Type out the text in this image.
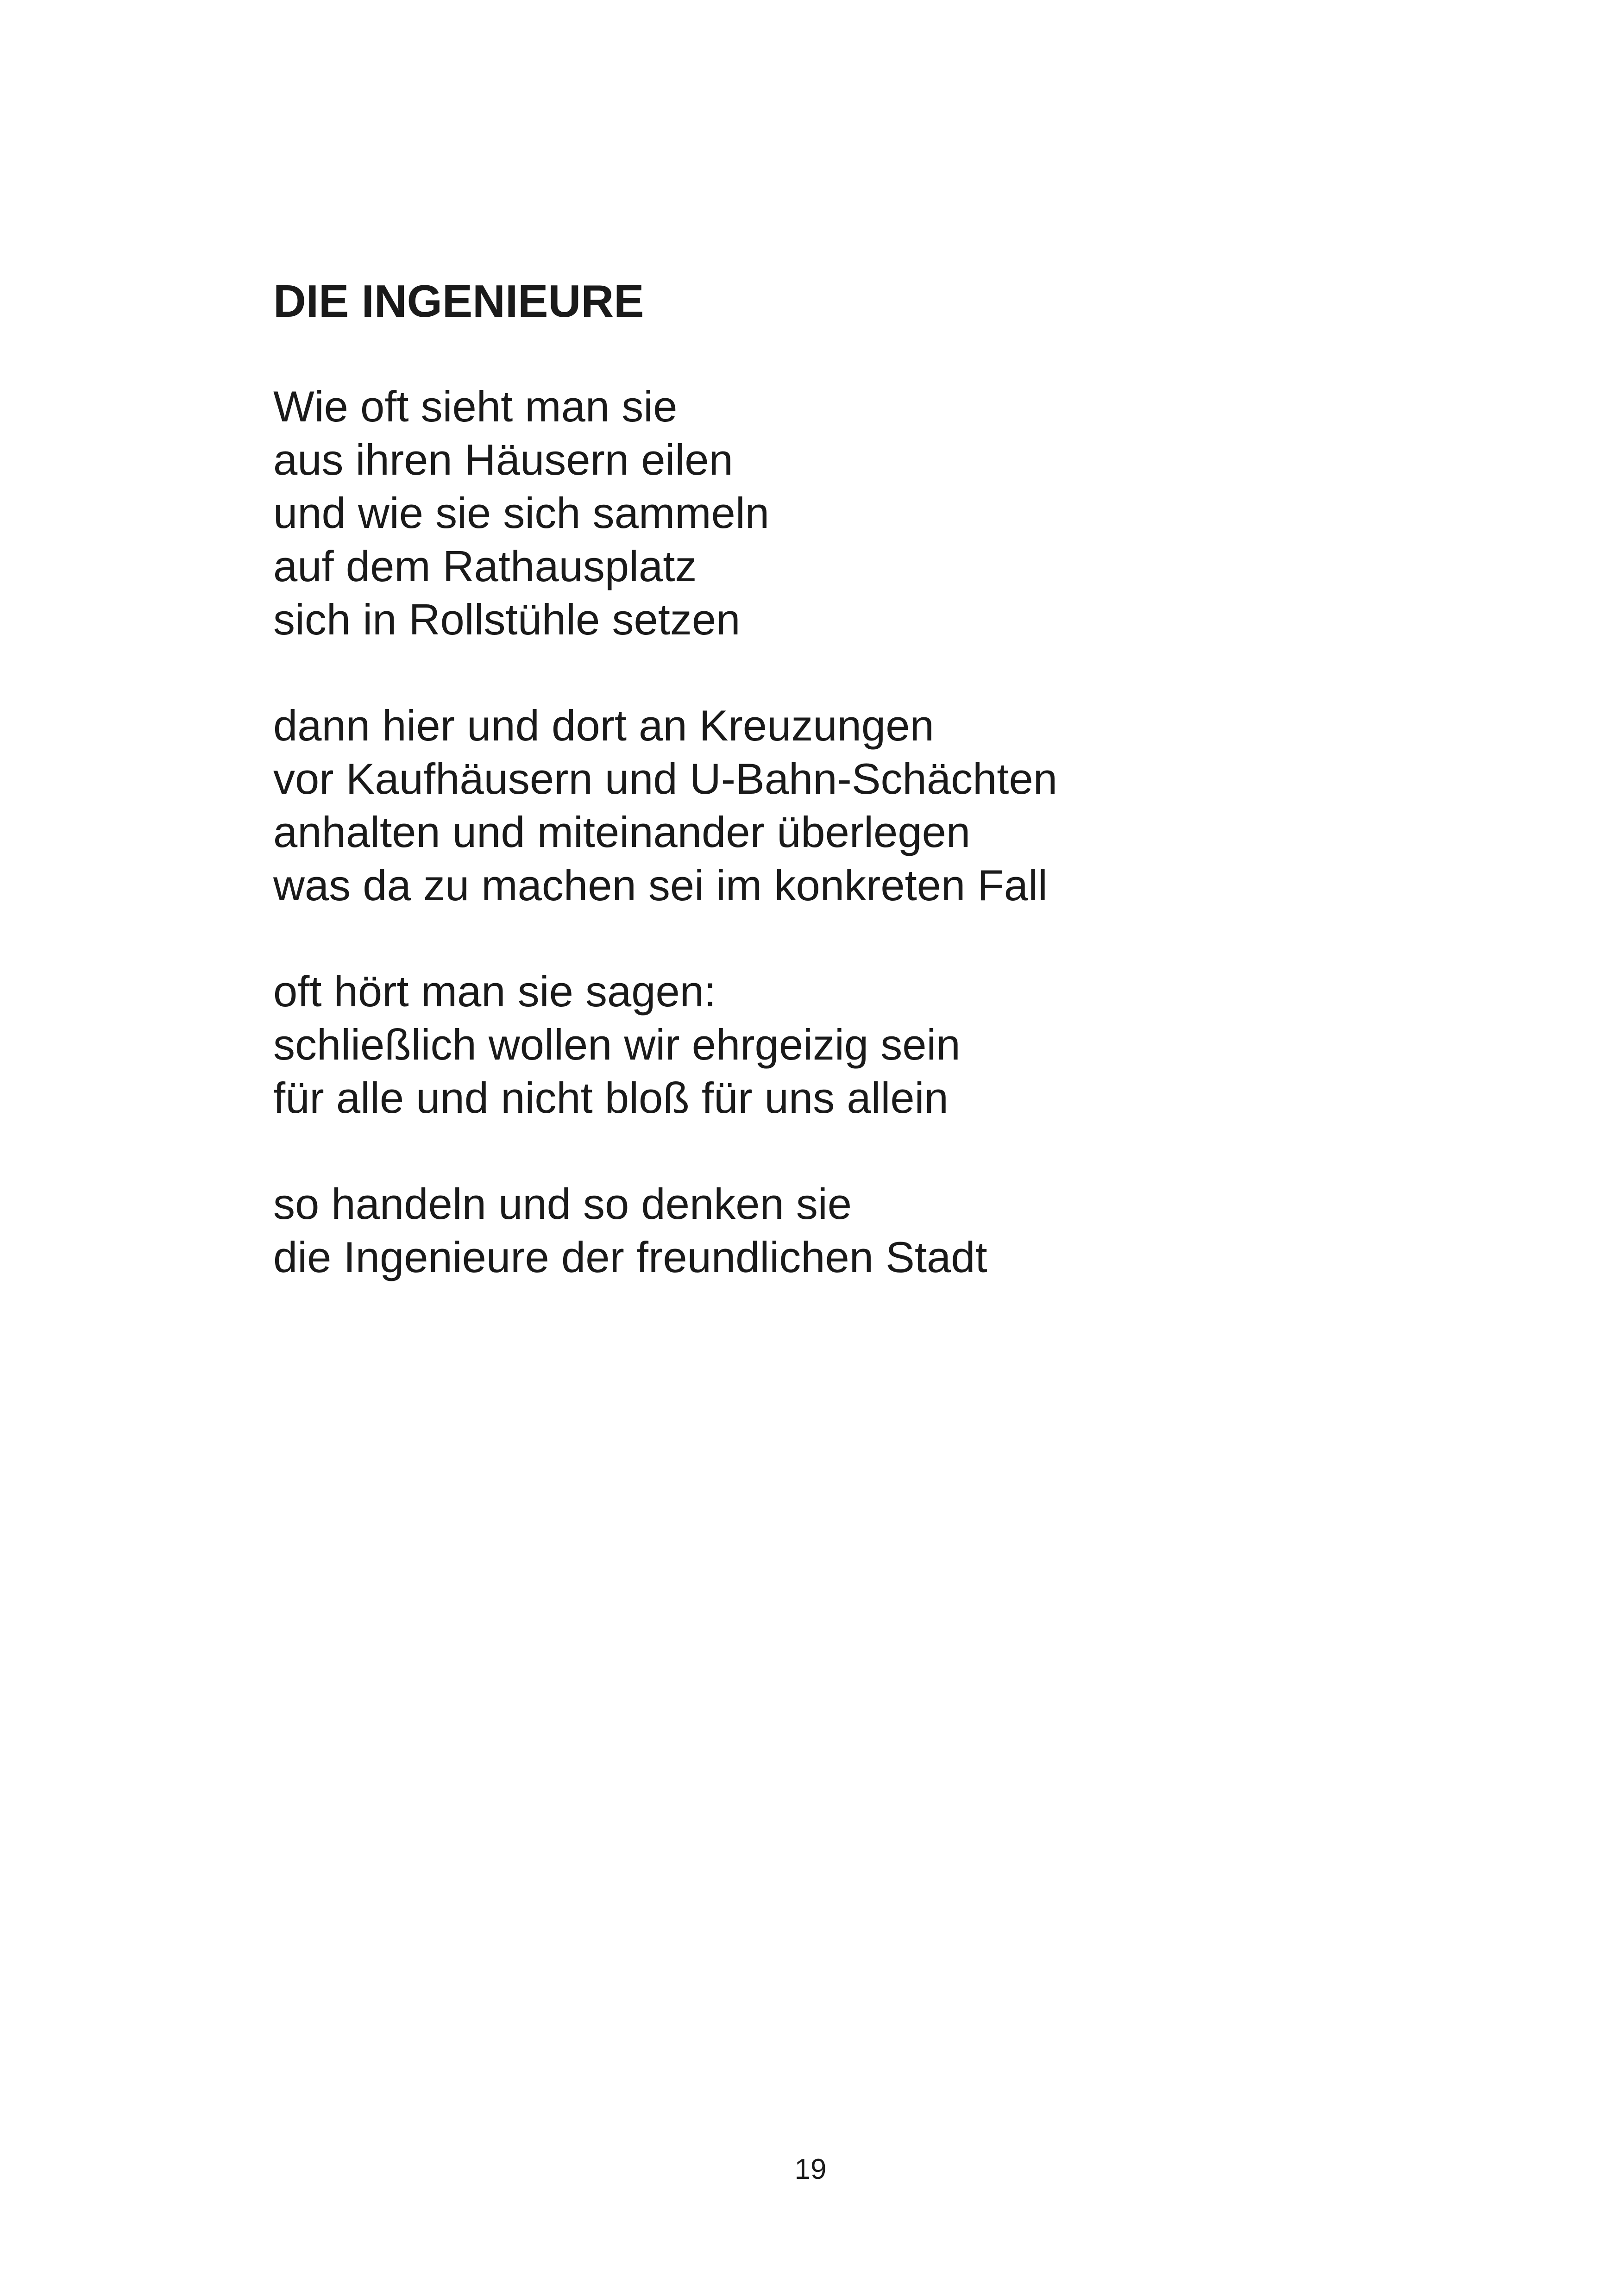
DIE INGENIEURE
Wie oft sieht man sie
aus ihren Häusern eilen
und wie sie sich sammeln
auf dem Rathausplatz
sich in Rollstühle setzen
dann hier und dort an Kreuzungen
vor Kaufhäusern und U-Bahn-Schächten
anhalten und miteinander überlegen
was da zu machen sei im konkreten Fall
oft hört man sie sagen:
schließlich wollen wir ehrgeizig sein
für alle und nicht bloß für uns allein
so handeln und so denken sie
die Ingenieure der freundlichen Stadt
19
